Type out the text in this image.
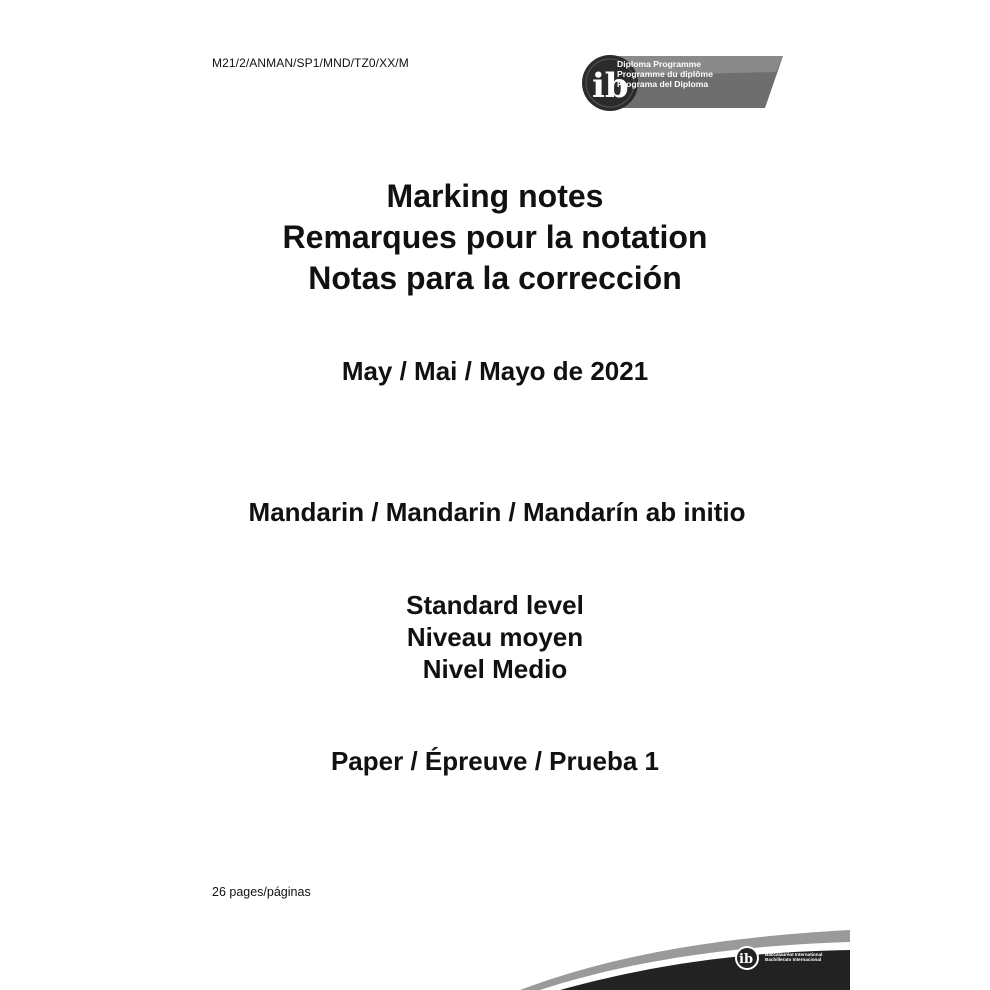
M21/2/ANMAN/SP1/MND/TZ0/XX/M
ib
Diploma Programme
Programme du diplôme
Programa del Diploma
Marking notes
Remarques pour la notation
Notas para la corrección
May / Mai / Mayo de 2021
Mandarin / Mandarin / Mandarín ab initio
Standard level
Niveau moyen
Nivel Medio
Paper / Épreuve / Prueba 1
26 pages/páginas
ib
International Baccalaureate®
Baccalauréat International
Bachillerato Internacional
